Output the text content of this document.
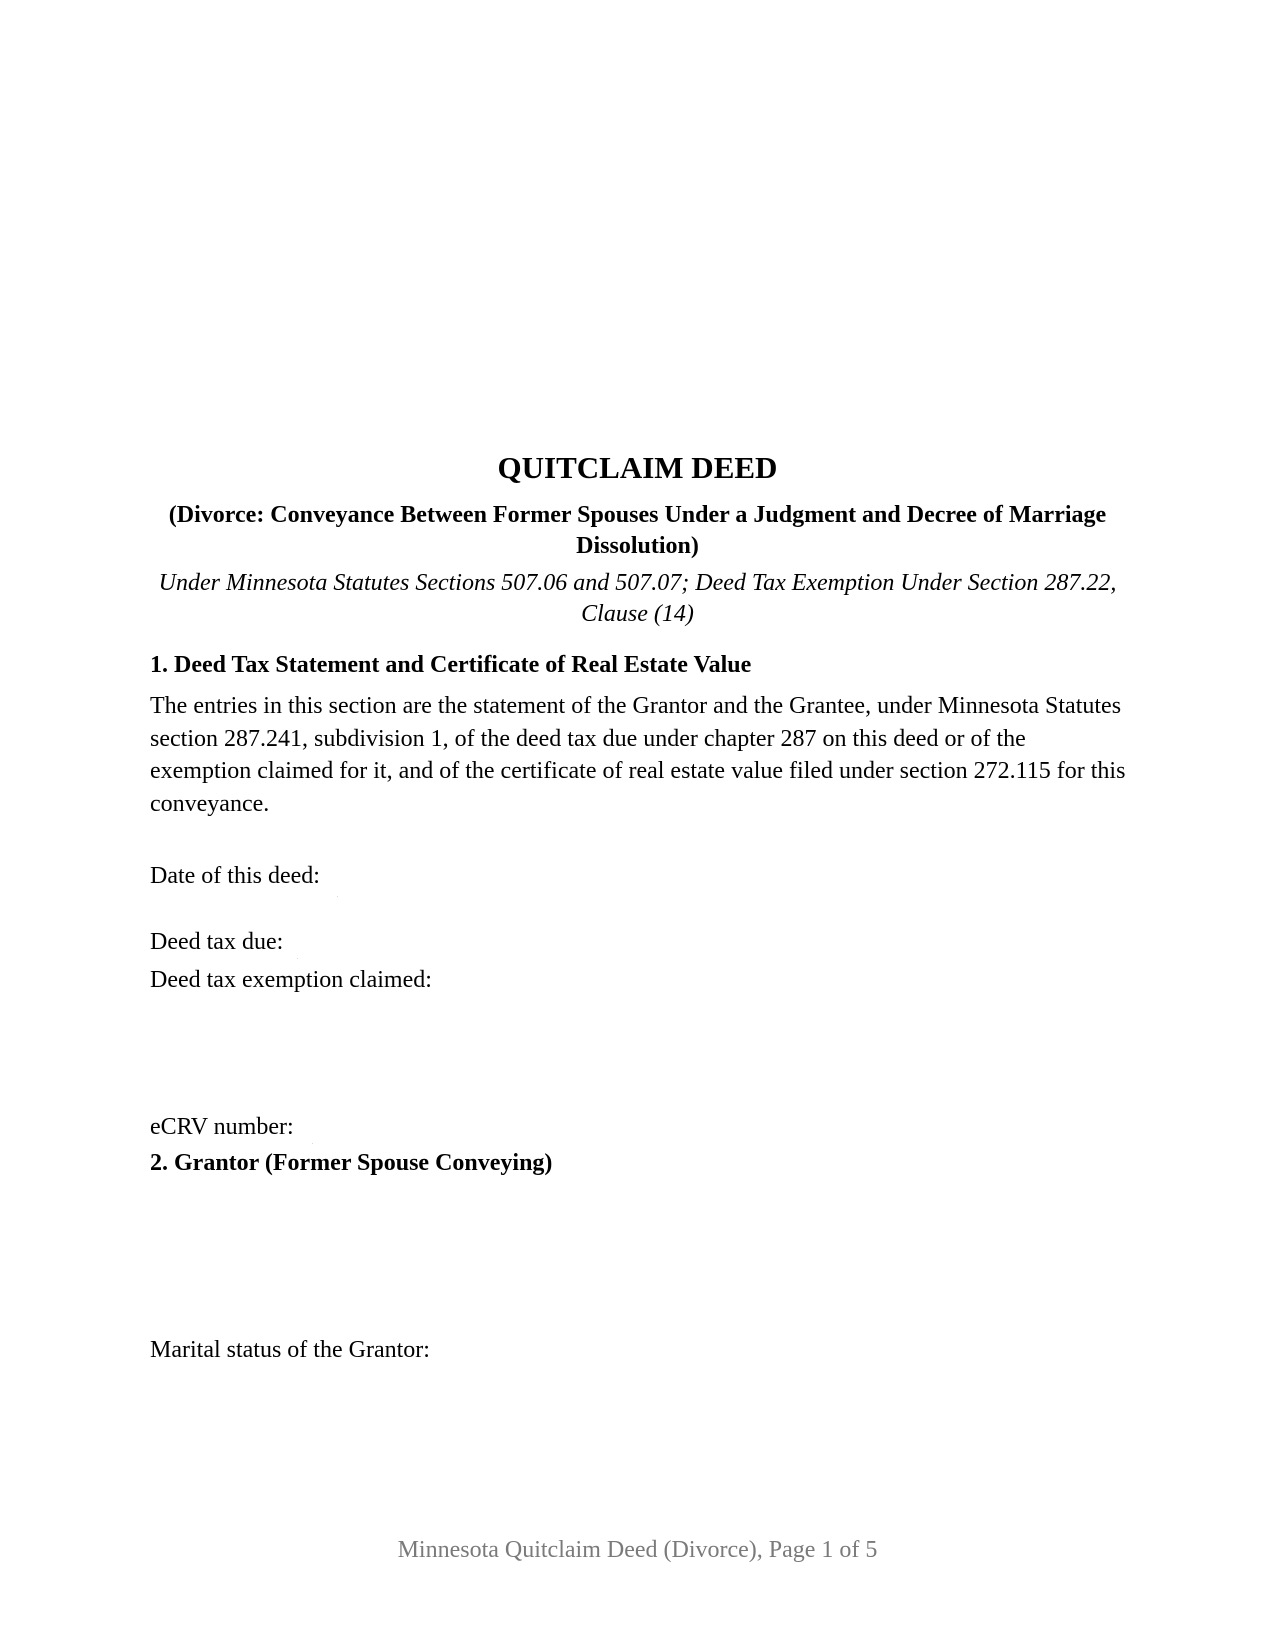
QUITCLAIM DEED
(Divorce: Conveyance Between Former Spouses Under a Judgment and Decree of Marriage Dissolution)
Under Minnesota Statutes Sections 507.06 and 507.07; Deed Tax Exemption Under Section 287.22, Clause (14)
1. Deed Tax Statement and Certificate of Real Estate Value
The entries in this section are the statement of the Grantor and the Grantee, under Minnesota Statutes section 287.241, subdivision 1, of the deed tax due under chapter 287 on this deed or of the exemption claimed for it, and of the certificate of real estate value filed under section 272.115 for this conveyance.
Date of this deed:
Deed tax due:
Deed tax exemption claimed:
eCRV number:
2. Grantor (Former Spouse Conveying)
Marital status of the Grantor:
Minnesota Quitclaim Deed (Divorce), Page 1 of 5
